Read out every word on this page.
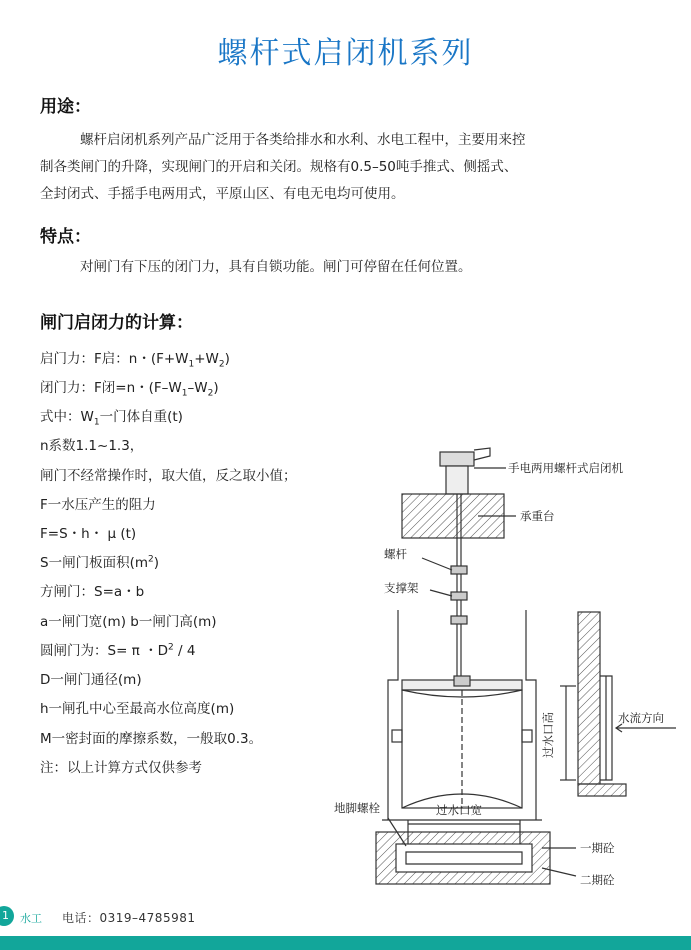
螺杆式启闭机系列
用途：
螺杆启闭机系列产品广泛用于各类给排水和水利、水电工程中，主要用来控
制各类闸门的升降，实现闸门的开启和关闭。规格有0.5–50吨手推式、侧摇式、
全封闭式、手摇手电两用式，平原山区、有电无电均可使用。
特点：
对闸门有下压的闭门力，具有自锁功能。闸门可停留在任何位置。
闸门启闭力的计算：
启门力：F启：n・$(F+W_1+W_2)$
闭门力：F闭=n・$(F-W_1-W_2)$
式中：$W_1$一门体自重(t)
n系数1.1~1.3，
闸门不经常操作时，取大值，反之取小值；
F一水压产生的阻力
F=S・h・ μ (t)
S一闸门板面积$(m^2)$
方闸门：S=a・b
a一闸门宽(m) b一闸门高(m)
圆闸门为：S= π ・$D^2 / 4$
D一闸门通径(m)
h一闸孔中心至最高水位高度(m)
M一密封面的摩擦系数，一般取0.3。
注：以上计算方式仅供参考
手电两用螺杆式启闭机
承重台
螺杆
支撑架
水流方向
过水口高
地脚螺栓	过水口宽
一期砼
二期砼
1	水工 电话：0319–4785981
